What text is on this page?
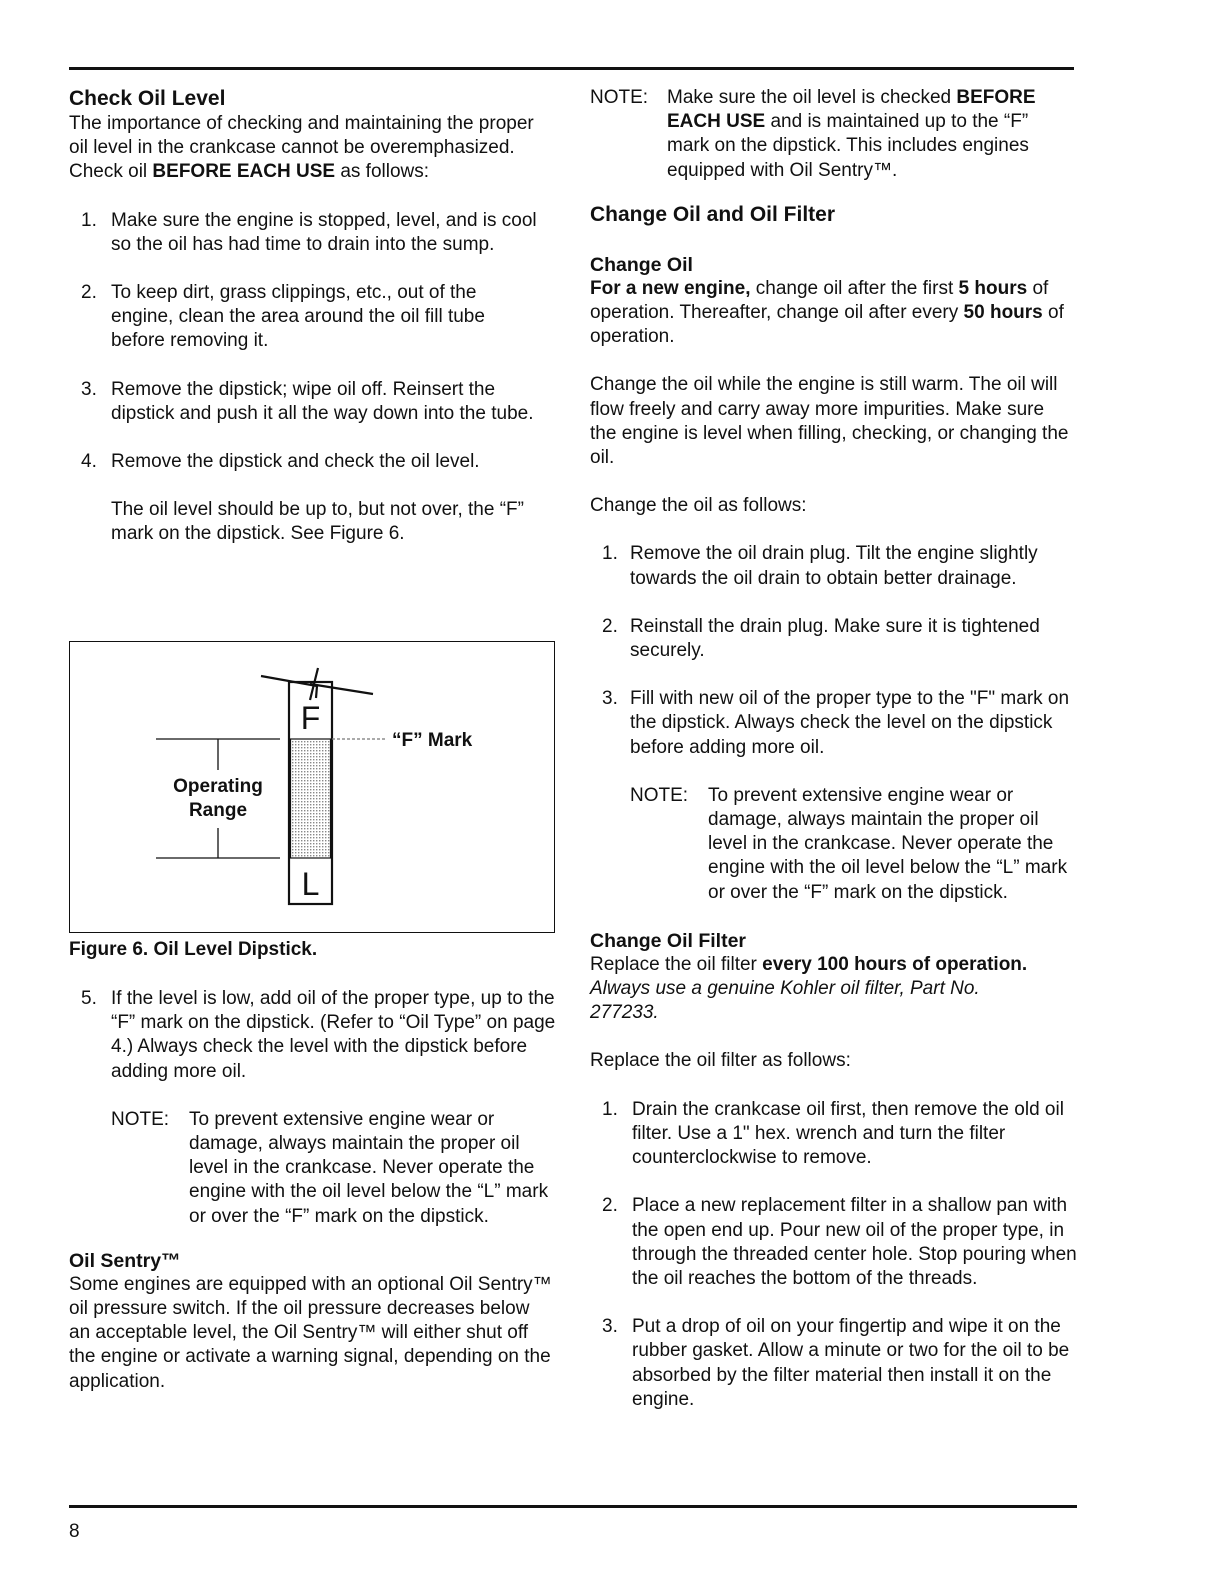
Check Oil Level

The importance of checking and maintaining the proper oil level in the crankcase cannot be overemphasized. Check oil BEFORE EACH USE as follows:

1. Make sure the engine is stopped, level, and is cool so the oil has had time to drain into the sump.
2. To keep dirt, grass clippings, etc., out of the engine, clean the area around the oil fill tube before removing it.
3. Remove the dipstick; wipe oil off. Reinsert the dipstick and push it all the way down into the tube.
4. Remove the dipstick and check the oil level.
The oil level should be up to, but not over, the “F” mark on the dipstick. See Figure 6.
F
L
“F” Mark
Operating
Range
Figure 6. Oil Level Dipstick.
5. If the level is low, add oil of the proper type, up to the “F” mark on the dipstick. (Refer to “Oil Type” on page 4.) Always check the level with the dipstick before adding more oil.
NOTE: To prevent extensive engine wear or damage, always maintain the proper oil level in the crankcase. Never operate the engine with the oil level below the “L” mark or over the “F” mark on the dipstick.
Oil Sentry™

Some engines are equipped with an optional Oil Sentry™ oil pressure switch. If the oil pressure decreases below an acceptable level, the Oil Sentry™ will either shut off the engine or activate a warning signal, depending on the application.

NOTE: Make sure the oil level is checked BEFORE EACH USE and is maintained up to the “F” mark on the dipstick. This includes engines equipped with Oil Sentry™.
Change Oil and Oil Filter
Change Oil

For a new engine, change oil after the first 5 hours of operation. Thereafter, change oil after every 50 hours of operation.

Change the oil while the engine is still warm. The oil will flow freely and carry away more impurities. Make sure the engine is level when filling, checking, or changing the oil.

Change the oil as follows:

1. Remove the oil drain plug. Tilt the engine slightly towards the oil drain to obtain better drainage.
2. Reinstall the drain plug. Make sure it is tightened securely.
3. Fill with new oil of the proper type to the "F" mark on the dipstick. Always check the level on the dipstick before adding more oil.
NOTE: To prevent extensive engine wear or damage, always maintain the proper oil level in the crankcase. Never operate the engine with the oil level below the “L” mark or over the “F” mark on the dipstick.
Change Oil Filter

Replace the oil filter every 100 hours of operation.

Always use a genuine Kohler oil filter, Part No. 277233.

Replace the oil filter as follows:

1. Drain the crankcase oil first, then remove the old oil filter. Use a 1" hex. wrench and turn the filter counterclockwise to remove.
2. Place a new replacement filter in a shallow pan with the open end up. Pour new oil of the proper type, in through the threaded center hole. Stop pouring when the oil reaches the bottom of the threads.
3. Put a drop of oil on your fingertip and wipe it on the rubber gasket. Allow a minute or two for the oil to be absorbed by the filter material then install it on the engine.
8
